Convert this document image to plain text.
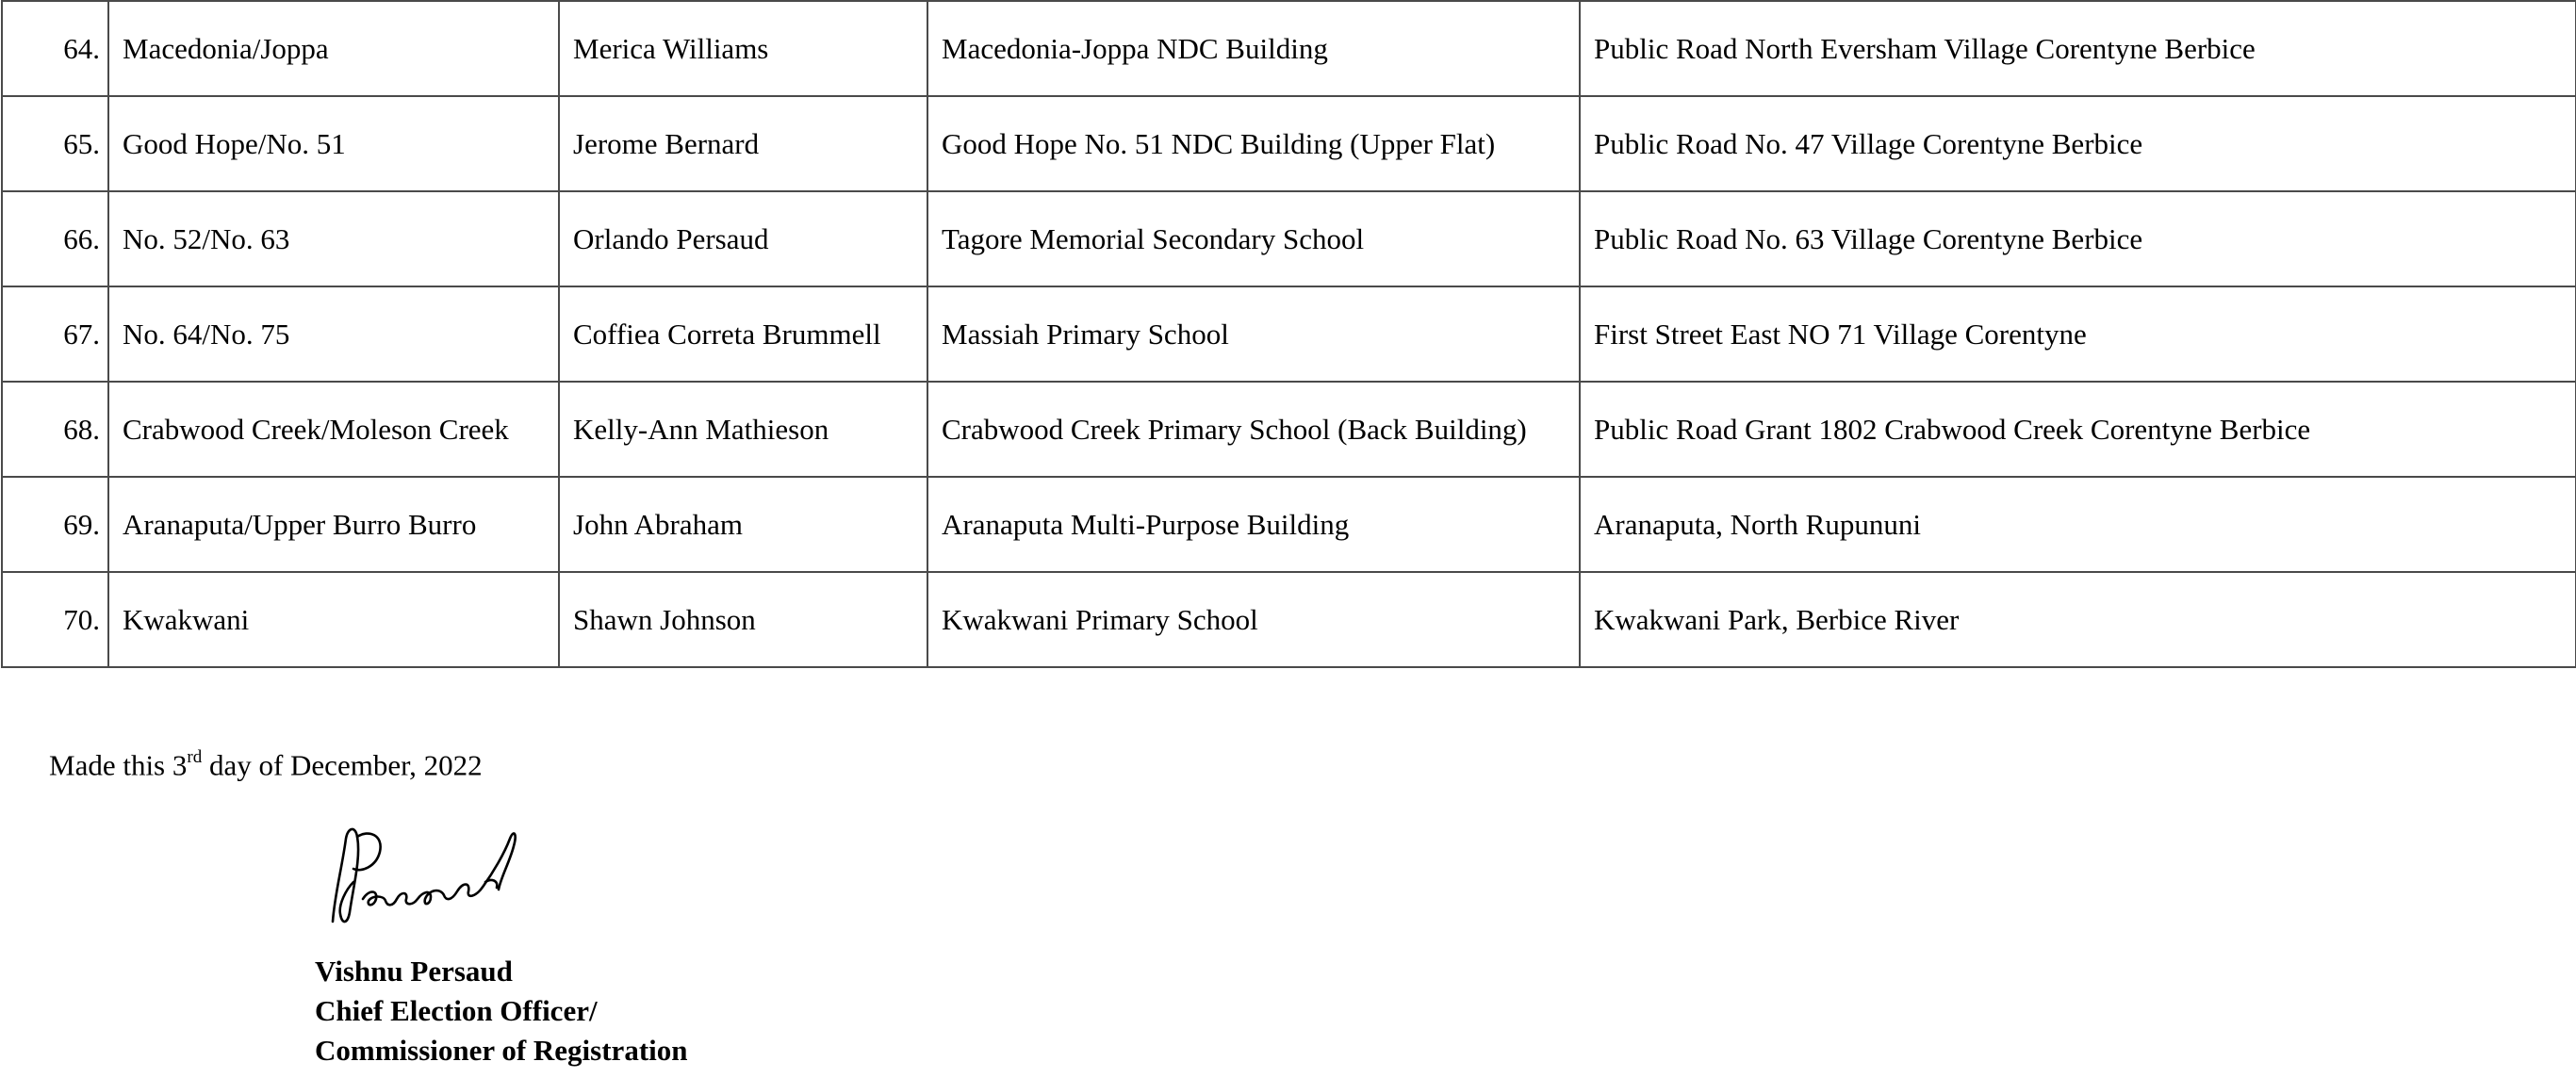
64.	Macedonia/Joppa	Merica Williams	Macedonia-Joppa NDC Building	Public Road North Eversham Village Corentyne Berbice
65.	Good Hope/No. 51	Jerome Bernard	Good Hope No. 51 NDC Building (Upper Flat)	Public Road No. 47 Village Corentyne Berbice
66.	No. 52/No. 63	Orlando Persaud	Tagore Memorial Secondary School	Public Road No. 63 Village Corentyne Berbice
67.	No. 64/No. 75	Coffiea Correta Brummell	Massiah Primary School	First Street East NO 71 Village Corentyne
68.	Crabwood Creek/Moleson Creek	Kelly-Ann Mathieson	Crabwood Creek Primary School (Back Building)	Public Road Grant 1802 Crabwood Creek Corentyne Berbice
69.	Aranaputa/Upper Burro Burro	John Abraham	Aranaputa Multi-Purpose Building	Aranaputa, North Rupununi
70.	Kwakwani	Shawn Johnson	Kwakwani Primary School	Kwakwani Park, Berbice River
Made this 3rd day of December, 2022
Vishnu Persaud
Chief Election Officer/
Commissioner of Registration
